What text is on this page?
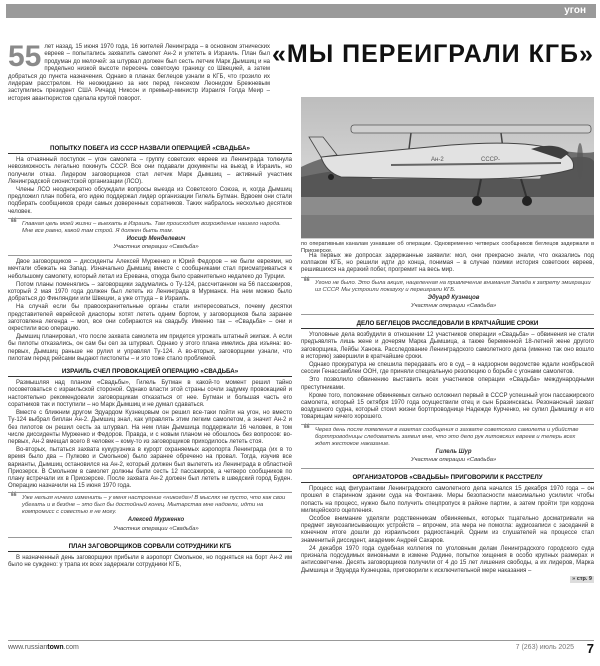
угон
«МЫ ПЕРЕИГРАЛИ КГБ»
55 лет назад, 15 июня 1970 года, 16 жителей Ленинграда – в основном этнических евреев – попытались захватить самолет Ан-2 и улететь в Израиль. План был продуман до мелочей: за штурвал должен был сесть летчик Марк Дымшиц и на предельно низкой высоте пересечь советскую границу со Швецией, а затем добраться до пункта назначения. Однако в планах беглецов узнали в КГБ, что грозило их лидерам расстрелом. Не неожиданно за них перед генсеком Леонидом Брежневым заступились президент США Ричард Никсон и премьер-министр Израиля Голда Меир – история авантюристов сделала крутой поворот.
СССР-
Ан-2
по оперативным каналам узнавшие об операции. Одновременно четверых сообщников беглецов задержали в Приозерске.
ПОПЫТКУ ПОБЕГА ИЗ СССР НАЗВАЛИ ОПЕРАЦИЕЙ «СВАДЬБА»

На отчаянный поступок – угон самолета – группу советских евреев из Ленинграда толкнула невозможность легально покинуть СССР. Все они подавали документы на выезд в Израиль, но получили отказ. Лидером заговорщиков стал летчик Марк Дымшиц – активный участник Ленинградской сионистской организации (ЛСО).

Члены ЛСО неоднократно обсуждали вопросы выезда из Советского Союза, и, когда Дымшиц предложил план побега, его идею поддержал лидер организации Гилель Бутман. Вдвоем они стали подбирать сообщников среди самых доверенных соратников. Таких набралось несколько десятков человек.

❝ Главная цель моей жизни – выехать в Израиль. Там происходит возрождение нашего народа. Мне все равно, какой там строй. Я должен быть там.

Иосиф Менделевич

Участник операции «Свадьба»

Двое заговорщиков – диссиденты Алексей Мурженко и Юрий Федоров – не были евреями, но мечтали сбежать на Запад. Изначально Дымшиц вместе с сообщниками стал присматриваться к небольшому самолету, который летал из Еревана, откуда было сравнительно недалеко до Турции.

Потом планы поменялись – заговорщики задумались о Ту-124, рассчитанном на 56 пассажиров, который 2 мая 1970 года должен был лететь из Ленинграда в Мурманск. На нем можно было добраться до Финляндии или Швеции, а уже оттуда – в Израиль.

На случай если бы правоохранительные органы стали интересоваться, почему десятки представителей еврейской диаспоры хотят лететь одним бортом, у заговорщиков была заранее заготовлена легенда – мол, все они собираются на свадьбу. Именно так – «Свадьба» – они и окрестили всю операцию.

Дымшиц планировал, что после захвата самолета им придется угрожать штатный экипаж. А если бы пилоты отказались, он сам бы сел за штурвал. Однако у этого плана имелись два изъяна: во-первых, Дымшиц раньше не рулил и управлял Ту-124. А во-вторых, заговорщики узнали, что пилотам перед рейсами выдают пистолеты – и это тоже стало проблемой.

ИЗРАИЛЬ СЧЕЛ ПРОВОКАЦИЕЙ ОПЕРАЦИЮ «СВАДЬБА»

Размышляя над планом «Свадьбы», Гилель Бутман в какой-то момент решил тайно посоветоваться с израильской стороной. Однако власти этой страны сочли задумку провокацией и настоятельно рекомендовали заговорщикам отказаться от нее. Бутман и большая часть его соратников так и поступили – но Марк Дымшиц и не думал сдаваться.

Вместе с ближним другом Эдуардом Кузнецовым он решил все-таки пойти на угон, но вместо Ту-124 выбрал биплан Ан-2. Дымшиц знал, как управлять этим легким самолетом, а значит Ан-2 и без пилотов он решил сесть за штурвал. На нем план Дымшица поддержали 16 человек, в том числе диссиденты Мурженко и Федоров. Правда, и с новым планом не обошлось без вопросов: во-первых, Ан-2 вмещал всего 8 человек – кому-то из заговорщиков приходилось лететь стоя.

Во-вторых, пытаться захвата кукурузника в курорт охраняемых аэропорта Ленинграда (их в то время было два – Пулково и Смольное) было заранее обречено на провал. Тогда, изучив все варианты, Дымшиц остановился на Ан-2, который должен был вылететь из Ленинграда в областной Приозерск. В Смольном в самолет должны были сесть 12 пассажиров, а четверо сообщников по плану встречали их в Приозерске. После захвата Ан-2 должен был лететь в шведский город Буден. Операцию назначили на 15 июня 1970 года.

❝ Уже нельзя ничего изменить – у меня настроение «никогда»! В мыслях не пусто, что как свои убегать и в бездне – это был бы достойный конец. Мытарства мне надоели, идти на компромисс с совестью я не могу.

Алексей Мурженко

Участник операции «Свадьба»

ПЛАН ЗАГОВОРЩИКОВ СОРВАЛИ СОТРУДНИКИ КГБ

В назначенный день заговорщики прибыли в аэропорт Смольное, но подняться на борт Ан-2 им было не суждено: у трапа их всех задержали сотрудники КГБ,

На первых же допросах задержанные заявили: мол, они прекрасно знали, что оказались под колпаком КГБ, но решили идти до конца, понимая – в случае поимки история советских евреев, решившихся на дерзкий побег, прогремит на весь мир.

❝ Угоно не было. Это была акция, нацеленная на привлечение внимания Запада к запрету эмиграции из СССР. Мы устроили показуху и переиграли КГБ.

Эдуард Кузнецов

Участник операции «Свадьба»

ДЕЛО БЕГЛЕЦОВ РАССЛЕДОВАЛИ В КРАТЧАЙШИЕ СРОКИ

Уголовные дела возбудили в отношении 12 участников операции «Свадьба» – обвинения не стали предъявлять лишь жене и дочерям Марка Дымшица, а также беременной 18-летней жене другого заговорщика, Лейбы Ханока. Расследование Ленинградского самолетного дела (именно так оно вошло в историю) завершили в кратчайшие сроки.

Однако прокуратура не спешила передавать его в суд – в надзорном ведомстве ждали ноябрьской сессии Генассамблеи ООН, где приняли специальную резолюцию о борьбе с угонами самолетов.

Это позволило обвинению выставить всех участников операции «Свадьба» международными преступниками.

Кроме того, положение обвиняемых сильно осложнил первый в СССР успешный угон пассажирского самолета, который 15 октября 1970 года осуществили отец и сын Бразинскасы. Резонансный захват воздушного судна, который стоил жизни бортпроводнице Надежде Курченко, не сулил Дымшицу и его товарищам ничего хорошего.

❝ Через день после появления в газетах сообщения о захвате советского самолета и убийстве бортпроводницы следователь заявил мне, что это дело рук литовских евреев и теперь всех ждет жестокое наказание.

Гилель Шур

Участник операции «Свадьба»

ОРГАНИЗАТОРОВ «СВАДЬБЫ» ПРИГОВОРИЛИ К РАССТРЕЛУ

Процесс над фигурантами Ленинградского самолетного дела начался 15 декабря 1970 года – он прошел в старинном здании суда на Фонтанке. Меры безопасности максимально усилили: чтобы попасть на процесс, нужно было получить спецпропуск в районе партии, а затем пройти три кордона милицейского оцепления.

Особое внимание уделяли родственникам обвиняемых, которых тщательно досматривали на предмет звукозаписывающих устройств – впрочем, эта мера не помогла: аудиозаписи с заседаний в конечном итоге дошли до израильских радиостанций. Одним из слушателей на процессе стал знаменитый диссидент, академик Андрей Сахаров.

24 декабря 1970 года судебная коллегия по уголовным делам Ленинградского городского суда признала подсудимых виновными в измене Родине, попытке хищения в особо крупных размерах и антисоветчине. Десять заговорщиков получили от 4 до 15 лет лишения свободы, а их лидеров, Марка Дымшица и Эдуарда Кузнецова, приговорили к исключительной мере наказания –

» стр. 9

www.russiantown.com	7 (263) июль 2025 7
